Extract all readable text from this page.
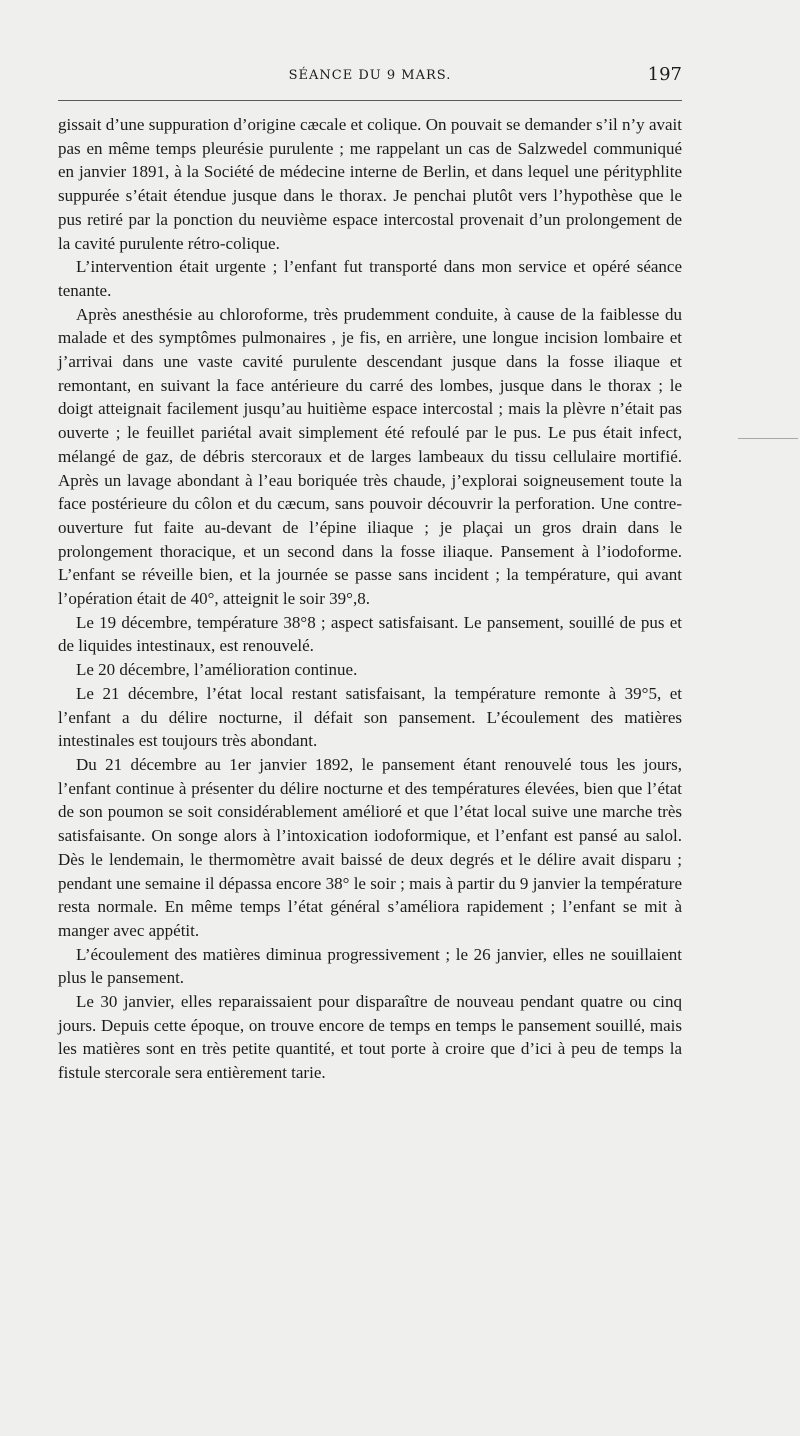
SÉANCE DU 9 MARS.	197

gissait d’une suppuration d’origine cæcale et colique. On pouvait se demander s’il n’y avait pas en même temps pleurésie purulente ; me rappelant un cas de Salzwedel communiqué en janvier 1891, à la Société de médecine interne de Berlin, et dans lequel une pérityphlite suppurée s’était étendue jusque dans le thorax. Je penchai plutôt vers l’hypothèse que le pus retiré par la ponction du neuvième espace intercostal provenait d’un prolongement de la cavité purulente rétro-colique.

L’intervention était urgente ; l’enfant fut transporté dans mon service et opéré séance tenante.

Après anesthésie au chloroforme, très prudemment conduite, à cause de la faiblesse du malade et des symptômes pulmonaires , je fis, en arrière, une longue incision lombaire et j’arrivai dans une vaste cavité purulente descendant jusque dans la fosse iliaque et remontant, en suivant la face antérieure du carré des lombes, jusque dans le thorax ; le doigt atteignait facilement jusqu’au huitième espace intercostal ; mais la plèvre n’était pas ouverte ; le feuillet pariétal avait simplement été refoulé par le pus. Le pus était infect, mélangé de gaz, de débris stercoraux et de larges lambeaux du tissu cellulaire mortifié. Après un lavage abondant à l’eau boriquée très chaude, j’explorai soigneusement toute la face postérieure du côlon et du cæcum, sans pouvoir découvrir la perforation. Une contre-ouverture fut faite au-devant de l’épine iliaque ; je plaçai un gros drain dans le prolongement thoracique, et un second dans la fosse iliaque. Pansement à l’iodoforme. L’enfant se réveille bien, et la journée se passe sans incident ; la température, qui avant l’opération était de 40°, atteignit le soir 39°,8.

Le 19 décembre, température 38°8 ; aspect satisfaisant. Le pansement, souillé de pus et de liquides intestinaux, est renouvelé.

Le 20 décembre, l’amélioration continue.

Le 21 décembre, l’état local restant satisfaisant, la température remonte à 39°5, et l’enfant a du délire nocturne, il défait son pansement. L’écoulement des matières intestinales est toujours très abondant.

Du 21 décembre au 1er janvier 1892, le pansement étant renouvelé tous les jours, l’enfant continue à présenter du délire nocturne et des températures élevées, bien que l’état de son poumon se soit considérablement amélioré et que l’état local suive une marche très satisfaisante. On songe alors à l’intoxication iodoformique, et l’enfant est pansé au salol. Dès le lendemain, le thermomètre avait baissé de deux degrés et le délire avait disparu ; pendant une semaine il dépassa encore 38° le soir ; mais à partir du 9 janvier la température resta normale. En même temps l’état général s’améliora rapidement ; l’enfant se mit à manger avec appétit.

L’écoulement des matières diminua progressivement ; le 26 janvier, elles ne souillaient plus le pansement.

Le 30 janvier, elles reparaissaient pour disparaître de nouveau pendant quatre ou cinq jours. Depuis cette époque, on trouve encore de temps en temps le pansement souillé, mais les matières sont en très petite quantité, et tout porte à croire que d’ici à peu de temps la fistule stercorale sera entièrement tarie.
